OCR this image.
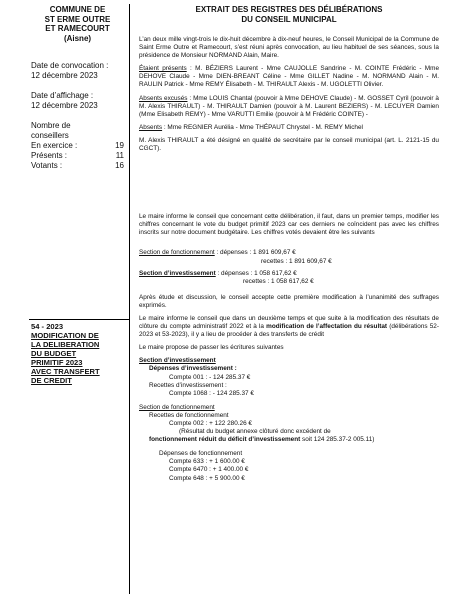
COMMUNE DE
ST ERME OUTRE
ET RAMECOURT
(Aisne)

Date de convocation :

12 décembre 2023

Date d’affichage :

12 décembre 2023

Nombre de

conseillers

En exercice :	19
Présents :	11
Votants :	16

54 - 2023

MODIFICATION DE

LA DELIBERATION

DU BUDGET

PRIMITIF 2023

AVEC TRANSFERT

DE CREDIT

EXTRAIT DES REGISTRES DES DÉLIBÉRATIONS
DU CONSEIL MUNICIPAL

L’an deux mille vingt-trois le dix-huit décembre à dix-neuf heures, le Conseil Municipal de la Commune de Saint Erme Outre et Ramecourt, s’est réuni après convocation, au lieu habituel de ses séances, sous la présidence de Monsieur NORMAND Alain, Maire.

Étaient présents : M. BÉZIERS Laurent - Mme CAUJOLLE Sandrine - M. COINTE Frédéric - Mme DEHOVE Claude - Mme DIEN-BREANT Céline - Mme GILLET Nadine - M. NORMAND Alain - M. RAULIN Patrick - Mme REMY Élisabeth - M. THIRAULT Alexis - M. UGOLETTI Olivier.

Absents excusés : Mme LOUIS Chantal (pouvoir à Mme DEHOVE Claude) - M. GOSSET Cyril (pouvoir à M. Alexis THIRAULT) - M. THIRAULT Damien (pouvoir à M. Laurent BEZIERS) - M. LECUYER Damien (Mme Elisabeth REMY) - Mme VARUTTI Emilie (pouvoir à M Frédéric COINTE) -

Absents : Mme REGNIER Aurélia - Mme THÉPAUT Chrystel - M. REMY Michel

M. Alexis THIRAULT a été désigné en qualité de secrétaire par le conseil municipal (art. L. 2121-15 du CGCT).

Le maire informe le conseil que concernant cette délibération, il faut, dans un premier temps, modifier les chiffres concernant le vote du budget primitif 2023 car ces derniers ne coïncident pas avec les chiffres inscrits sur notre document budgétaire. Les chiffres votés devaient être les suivants

Section de fonctionnement : dépenses : 1 891 609,67 €

recettes : 1 891 609,67 €

Section d’investissement : dépenses : 1 058 617,62 €

recettes : 1 058 617,62 €

Après étude et discussion, le conseil accepte cette première modification à l’unanimité des suffrages exprimés.

Le maire informe le conseil que dans un deuxième temps et que suite à la modification des résultats de clôture du compte administratif 2022 et à la modification de l’affectation du résultat (délibérations 52-2023 et 53-2023), il y a lieu de procéder à des transferts de crédit

Le maire propose de passer les écritures suivantes

Section d’investissement

Dépenses d’investissement :

Compte 001 : - 124 285.37 €

Recettes d’investissement :

Compte 1068 : - 124 285.37 €

Section de fonctionnement

Recettes de fonctionnement

Compte 002 : + 122 280.26 €

(Résultat du budget annexe clôturé donc excédent de

fonctionnement réduit du déficit d’investissement soit 124 285.37-2 005.11)

Dépenses de fonctionnement

Compte 633 : + 1 600.00 €

Compte 6470 : + 1 400.00 €

Compte 648 : + 5 900.00 €
